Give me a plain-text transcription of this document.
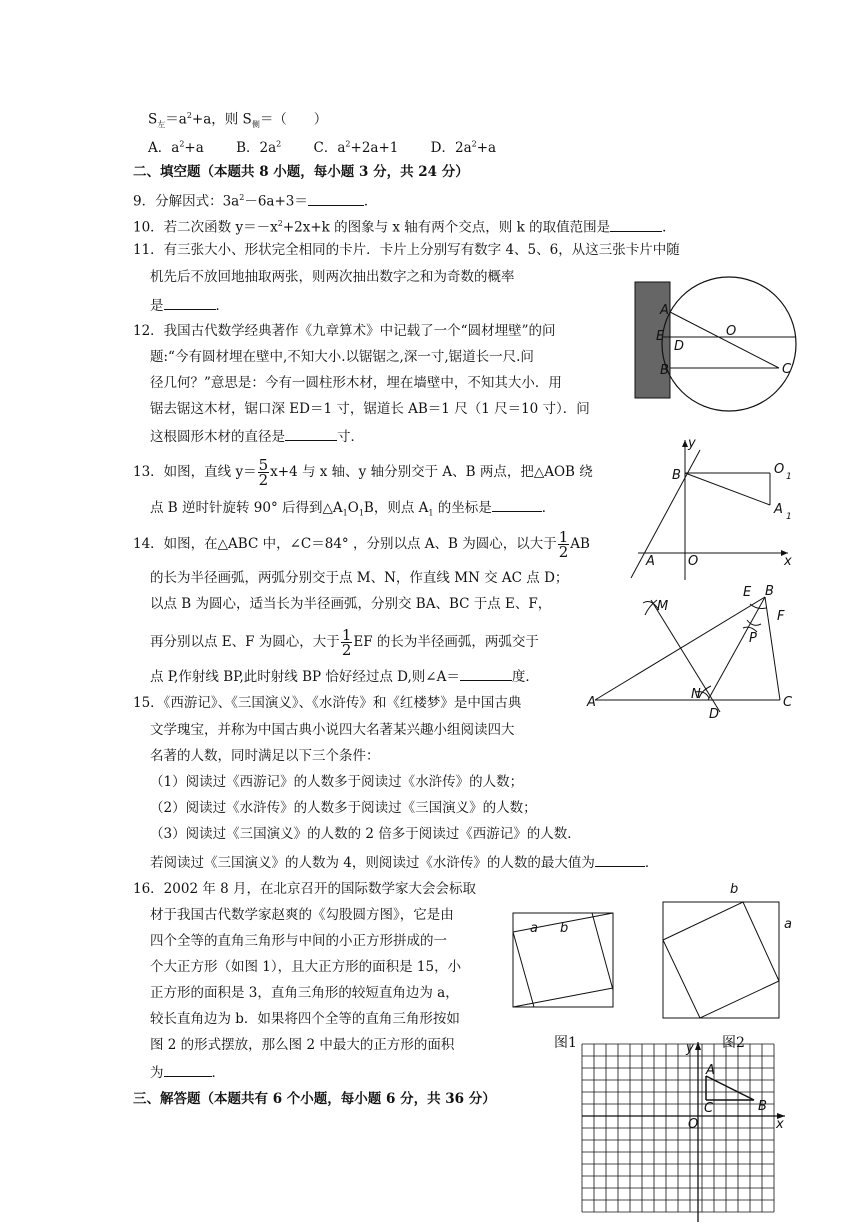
$S_左=a^2+a$，则 $S_侧=$（　　）
A．$a^2+a$ B．$2a^2$ C．$a^2+2a+1$ D．$2a^2+a$
二、填空题（本题共 8 小题，每小题 3 分，共 24 分）
9．分解因式：$3a^2-6a+3=$	．
10．若二次函数 $y=-x^2+2x+k$ 的图象与 x 轴有两个交点，则 k 的取值范围是	．
11．有三张大小、形状完全相同的卡片．卡片上分别写有数字 4、5、6，从这三张卡片中随
机先后不放回地抽取两张，则两次抽出数字之和为奇数的概率
是	．
12．我国古代数学经典著作《九章算术》中记载了一个“圆材埋壁”的问
题:“今有圆材埋在壁中,不知大小.以锯锯之,深一寸,锯道长一尺.问
径几何？”意思是：今有一圆柱形木材，埋在墙壁中，不知其大小．用
锯去锯这木材，锯口深 ED＝1 寸，锯道长 AB＝1 尺（1 尺＝10 寸）．问
这根圆形木材的直径是	寸．
13．如图，直线 $y= \frac{5}{2} x+4$ 与 x 轴、y 轴分别交于 A、B 两点，把△AOB 绕
点 B 逆时针旋转 90° 后得到$\triangle A_1O_1B$，则点 $A_1$ 的坐标是	．
14．如图，在△ABC 中，∠C＝84° ，分别以点 A、B 为圆心，以大于 $\frac{1}{2}$ AB
的长为半径画弧，两弧分别交于点 M、N，作直线 MN 交 AC 点 D；
以点 B 为圆心，适当长为半径画弧，分别交 BA、BC 于点 E、F，
再分别以点 E、F 为圆心，大于 $\frac{1}{2}$ EF 的长为半径画弧，两弧交于
点 P,作射线 BP,此时射线 BP 恰好经过点 D,则∠A＝	度．
15．《西游记》、《三国演义》、《水浒传》和《红楼梦》是中国古典
文学瑰宝，并称为中国古典小说四大名著某兴趣小组阅读四大
名著的人数，同时满足以下三个条件：
（1）阅读过《西游记》的人数多于阅读过《水浒传》的人数；
（2）阅读过《水浒传》的人数多于阅读过《三国演义》的人数；
（3）阅读过《三国演义》的人数的 2 倍多于阅读过《西游记》的人数．
若阅读过《三国演义》的人数为 4，则阅读过《水浒传》的人数的最大值为	．
16．2002 年 8 月，在北京召开的国际数学家大会会标取
材于我国古代数学家赵爽的《勾股圆方图》，它是由
四个全等的直角三角形与中间的小正方形拼成的一
个大正方形（如图 1），且大正方形的面积是 15，小
正方形的面积是 3，直角三角形的较短直角边为 a，
较长直角边为 b．如果将四个全等的直角三角形按如
图 2 的形式摆放，那么图 2 中最大的正方形的面积
为	．
三、解答题（本题共有 6 个小题，每小题 6 分，共 36 分）
A
E
D
B
O
C
y
B	O 1
A 1
A	O	x
M
E B
F
P
A
N
D
C
a b
图1
b
a
图2
y
A
C	B
O	x
